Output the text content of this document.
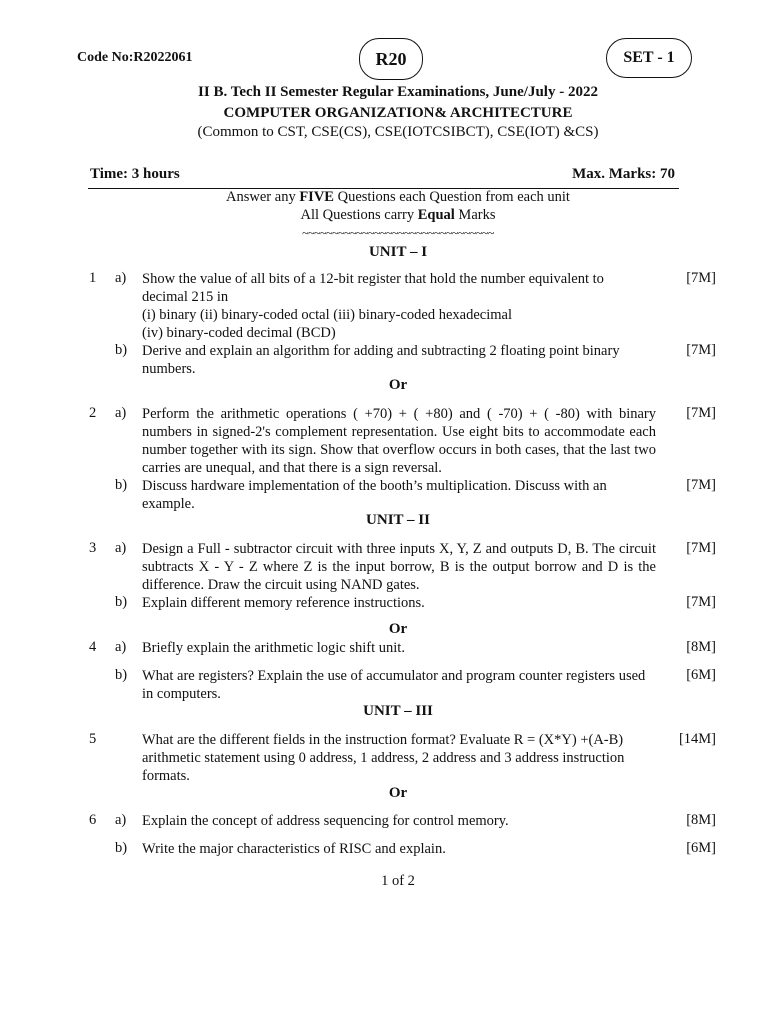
Code No:R2022061	R20	SET - 1
II B. Tech II Semester Regular Examinations, June/July - 2022
COMPUTER ORGANIZATION& ARCHITECTURE
(Common to CST, CSE(CS), CSE(IOTCSIBCT), CSE(IOT) &CS)
Time: 3 hours	Max. Marks: 70
Answer any FIVE Questions each Question from each unit
All Questions carry Equal Marks
~~~~~~~~~~~~~~~~~~~~~~~~~~~~~~~~
UNIT – I
1 a) Show the value of all bits of a 12-bit register that hold the number equivalent to
decimal 215 in
(i) binary (ii) binary-coded octal (iii) binary-coded hexadecimal
(iv) binary-coded decimal (BCD)
[7M]
b) Derive and explain an algorithm for adding and subtracting 2 floating point binary numbers.
[7M]
Or
2 a) Perform the arithmetic operations ( +70) + ( +80) and ( -70) + ( -80) with binary numbers in signed-2's complement representation. Use eight bits to accommodate each number together with its sign. Show that overflow occurs in both cases, that the last two carries are unequal, and that there is a sign reversal.
[7M]
b) Discuss hardware implementation of the booth’s multiplication. Discuss with an example.
[7M]
UNIT – II
3 a) Design a Full - subtractor circuit with three inputs X, Y, Z and outputs D, B. The circuit subtracts X - Y - Z where Z is the input borrow, B is the output borrow and D is the difference. Draw the circuit using NAND gates.
[7M]
b) Explain different memory reference instructions.	[7M]
Or
4 a) Briefly explain the arithmetic logic shift unit.	[8M]
b) What are registers? Explain the use of accumulator and program counter registers used in computers.
[6M]
UNIT – III
5	What are the different fields in the instruction format? Evaluate R = (X*Y) +(A-B)
arithmetic statement using 0 address, 1 address, 2 address and 3 address instruction
formats.
[14M]
Or
6 a) Explain the concept of address sequencing for control memory.	[8M]
b) Write the major characteristics of RISC and explain.	[6M]
1 of 2
